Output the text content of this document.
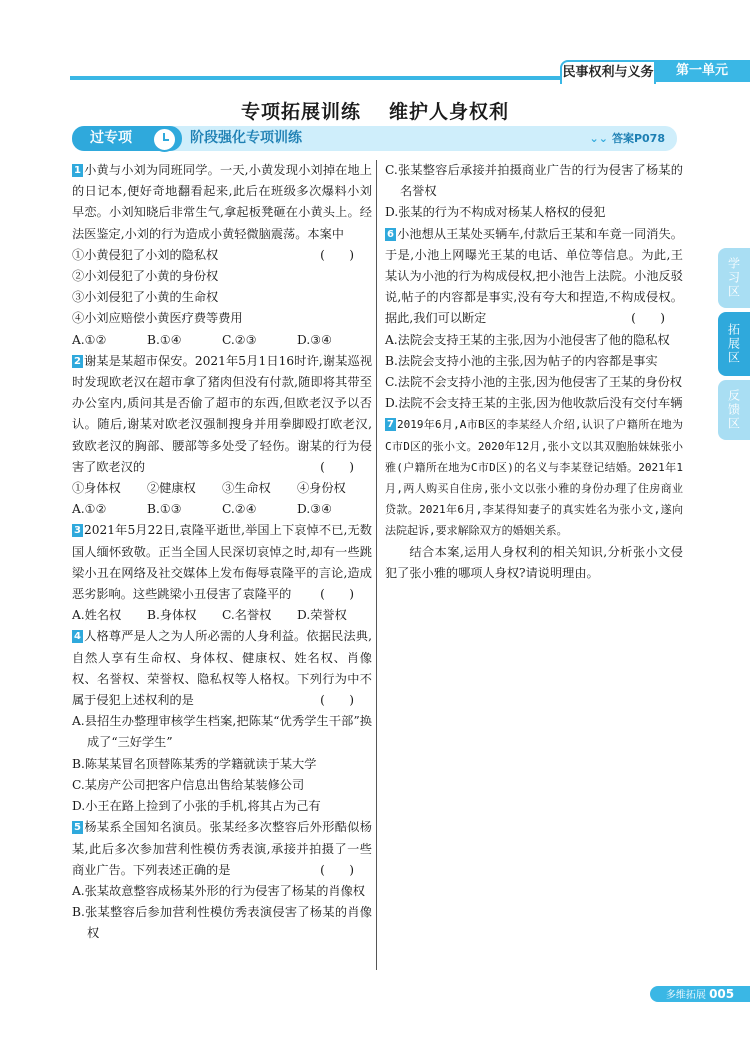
民事权利与义务	第一单元
专项拓展训练 维护人身权利
过专项	阶段强化专项训练	⌄⌄ 答案P078

1 小黄与小刘为同班同学。一天,小黄发现小刘掉在地上的日记本,便好奇地翻看起来,此后在班级多次爆料小刘早恋。小刘知晓后非常生气,拿起板凳砸在小黄头上。经法医鉴定,小刘的行为造成小黄轻微脑震荡。本案中
(　　)

①小黄侵犯了小刘的隐私权

②小刘侵犯了小黄的身份权

③小刘侵犯了小黄的生命权

④小刘应赔偿小黄医疗费等费用

A.①②	B.①④	C.②③	D.③④

2 谢某是某超市保安。2021年5月1日16时许,谢某巡视时发现欧老汉在超市拿了猪肉但没有付款,随即将其带至办公室内,质问其是否偷了超市的东西,但欧老汉予以否认。随后,谢某对欧老汉强制搜身并用拳脚殴打欧老汉,致欧老汉的胸部、腰部等多处受了轻伤。谢某的行为侵害了欧老汉的	(　　)

①身体权	②健康权	③生命权	④身份权
A.①②	B.①③	C.②④	D.③④

3 2021年5月22日,袁隆平逝世,举国上下哀悼不已,无数国人缅怀致敬。正当全国人民深切哀悼之时,却有一些跳梁小丑在网络及社交媒体上发布侮辱袁隆平的言论,造成恶劣影响。这些跳梁小丑侵害了袁隆平的 (　　)

A.姓名权	B.身体权	C.名誉权	D.荣誉权

4 人格尊严是人之为人所必需的人身利益。依据民法典,自然人享有生命权、身体权、健康权、姓名权、肖像权、名誉权、荣誉权、隐私权等人格权。下列行为中不属于侵犯上述权利的是	(　　)

A.县招生办整理审核学生档案,把陈某“优秀学生干部”换成了“三好学生”

B.陈某某冒名顶替陈某秀的学籍就读于某大学

C.某房产公司把客户信息出售给某装修公司

D.小王在路上捡到了小张的手机,将其占为己有

5 杨某系全国知名演员。张某经多次整容后外形酷似杨某,此后多次参加营利性模仿秀表演,承接并拍摄了一些商业广告。下列表述正确的是	(　　)

A.张某故意整容成杨某外形的行为侵害了杨某的肖像权

B.张某整容后参加营利性模仿秀表演侵害了杨某的肖像权

C.张某整容后承接并拍摄商业广告的行为侵害了杨某的名誉权

D.张某的行为不构成对杨某人格权的侵犯

6 小池想从王某处买辆车,付款后王某和车竟一同消失。于是,小池上网曝光王某的电话、单位等信息。为此,王某认为小池的行为构成侵权,把小池告上法院。小池反驳说,帖子的内容都是事实,没有夸大和捏造,不构成侵权。据此,我们可以断定	(　　)

A.法院会支持王某的主张,因为小池侵害了他的隐私权

B.法院会支持小池的主张,因为帖子的内容都是事实

C.法院不会支持小池的主张,因为他侵害了王某的身份权

D.法院不会支持王某的主张,因为他收款后没有交付车辆

7 2019年6月,A市B区的李某经人介绍,认识了户籍所在地为C市D区的张小文。2020年12月,张小文以其双胞胎妹妹张小雅(户籍所在地为C市D区)的名义与李某登记结婚。2021年1月,两人购买自住房,张小文以张小雅的身份办理了住房商业贷款。2021年6月,李某得知妻子的真实姓名为张小文,遂向法院起诉,要求解除双方的婚姻关系。

结合本案,运用人身权利的相关知识,分析张小文侵犯了张小雅的哪项人身权?请说明理由。

学习区
拓展区
反馈区
多维拓展 005
